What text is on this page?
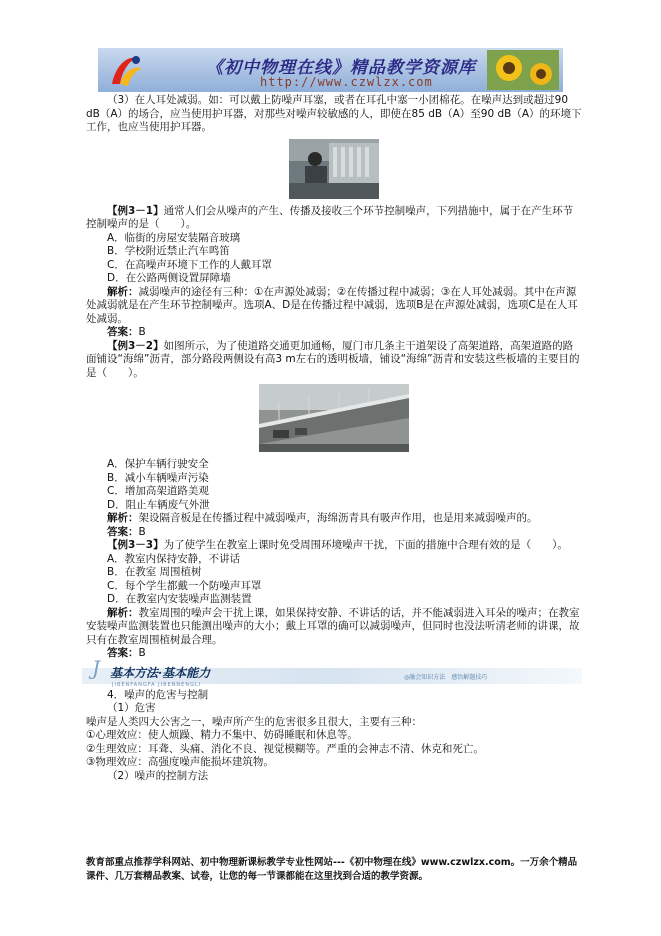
《初中物理在线》精品教学资源库
http://www.czwlzx.com

（3）在人耳处减弱。如：可以戴上防噪声耳塞，或者在耳孔中塞一小团棉花。在噪声达到或超过90 dB（A）的场合，应当使用护耳器，对那些对噪声较敏感的人，即使在85 dB（A）至90 dB（A）的环境下工作，也应当使用护耳器。

【例3－1】通常人们会从噪声的产生、传播及接收三个环节控制噪声，下列措施中，属于在产生环节控制噪声的是（　　）。

A．临街的房屋安装隔音玻璃

B．学校附近禁止汽车鸣笛

C．在高噪声环境下工作的人戴耳罩

D．在公路两侧设置屏障墙

解析：减弱噪声的途径有三种：①在声源处减弱；②在传播过程中减弱；③在人耳处减弱。其中在声源处减弱就是在产生环节控制噪声。选项A、D是在传播过程中减弱，选项B是在声源处减弱，选项C是在人耳处减弱。

答案：B

【例3－2】如图所示，为了使道路交通更加通畅，厦门市几条主干道架设了高架道路，高架道路的路面铺设“海绵”沥青，部分路段两侧设有高3 m左右的透明板墙，铺设“海绵”沥青和安装这些板墙的主要目的是（　　）。

A．保护车辆行驶安全

B．减小车辆噪声污染

C．增加高架道路美观

D．阻止车辆废气外泄

解析：架设隔音板是在传播过程中减弱噪声，海绵沥青具有吸声作用，也是用来减弱噪声的。

答案：B

【例3－3】为了使学生在教室上课时免受周围环境噪声干扰，下面的措施中合理有效的是（　　）。

A．教室内保持安静，不讲话

B．在教室 周围植树

C．每个学生都戴一个防噪声耳罩

D．在教室内安装噪声监测装置

解析：教室周围的噪声会干扰上课，如果保持安静、不讲话的话，并不能减弱进入耳朵的噪声；在教室安装噪声监测装置也只能测出噪声的大小；戴上耳罩的确可以减弱噪声，但同时也没法听清老师的讲课，故只有在教室周围植树最合理。

答案：B

J 基本方法·基本能力
JIBENFANGFA JIBENNENGLI
◎融会知识方法　感悟解题技巧

4．噪声的危害与控制

（1）危害

噪声是人类四大公害之一，噪声所产生的危害很多且很大，主要有三种：

①心理效应：使人烦躁、精力不集中、妨碍睡眠和休息等。

②生理效应：耳聋、头痛、消化不良、视觉模糊等。严重的会神志不清、休克和死亡。

③物理效应：高强度噪声能损坏建筑物。

（2）噪声的控制方法

教育部重点推荐学科网站、初中物理新课标教学专业性网站---《初中物理在线》www.czwlzx.com。一万余个精品课件、几万套精品教案、试卷，让您的每一节课都能在这里找到合适的教学资源。
